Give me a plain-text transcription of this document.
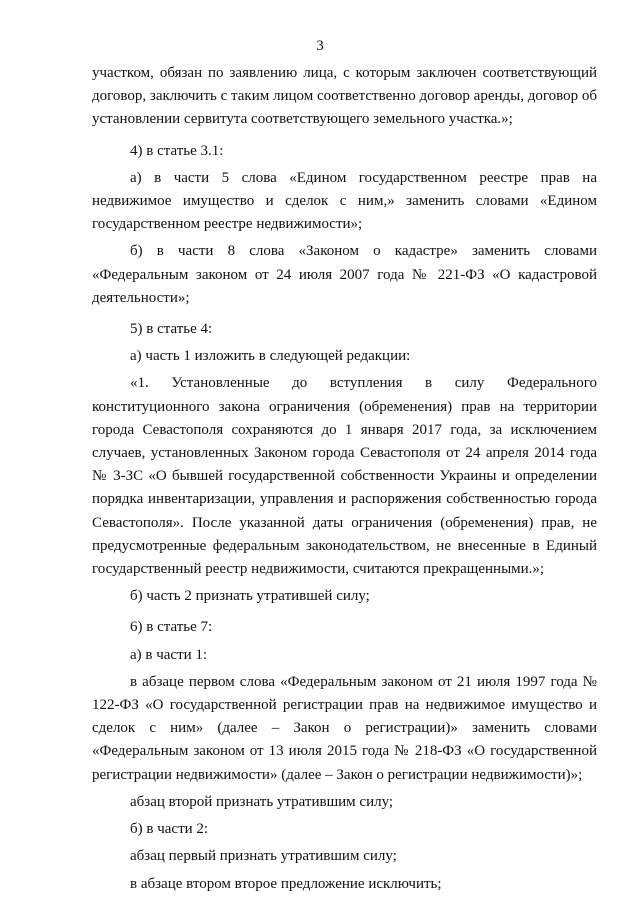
3

участком, обязан по заявлению лица, с которым заключен соответствующий договор, заключить с таким лицом соответственно договор аренды, договор об установлении сервитута соответствующего земельного участка.»;

4) в статье 3.1:

а) в части 5 слова «Едином государственном реестре прав на недвижимое имущество и сделок с ним,» заменить словами «Едином государственном реестре недвижимости»;

б) в части 8 слова «Законом о кадастре» заменить словами «Федеральным законом от 24 июля 2007 года № 221-ФЗ «О кадастровой деятельности»;

5) в статье 4:

а) часть 1 изложить в следующей редакции:

«1. Установленные до вступления в силу Федерального конституционного закона ограничения (обременения) прав на территории города Севастополя сохраняются до 1 января 2017 года, за исключением случаев, установленных Законом города Севастополя от 24 апреля 2014 года № 3-ЗС «О бывшей государственной собственности Украины и определении порядка инвентаризации, управления и распоряжения собственностью города Севастополя». После указанной даты ограничения (обременения) прав, не предусмотренные федеральным законодательством, не внесенные в Единый государственный реестр недвижимости, считаются прекращенными.»;

б) часть 2 признать утратившей силу;

6) в статье 7:

а) в части 1:

в абзаце первом слова «Федеральным законом от 21 июля 1997 года № 122-ФЗ «О государственной регистрации прав на недвижимое имущество и сделок с ним» (далее – Закон о регистрации)» заменить словами «Федеральным законом от 13 июля 2015 года № 218-ФЗ «О государственной регистрации недвижимости» (далее – Закон о регистрации недвижимости)»;

абзац второй признать утратившим силу;

б) в части 2:

абзац первый признать утратившим силу;

в абзаце втором второе предложение исключить;
